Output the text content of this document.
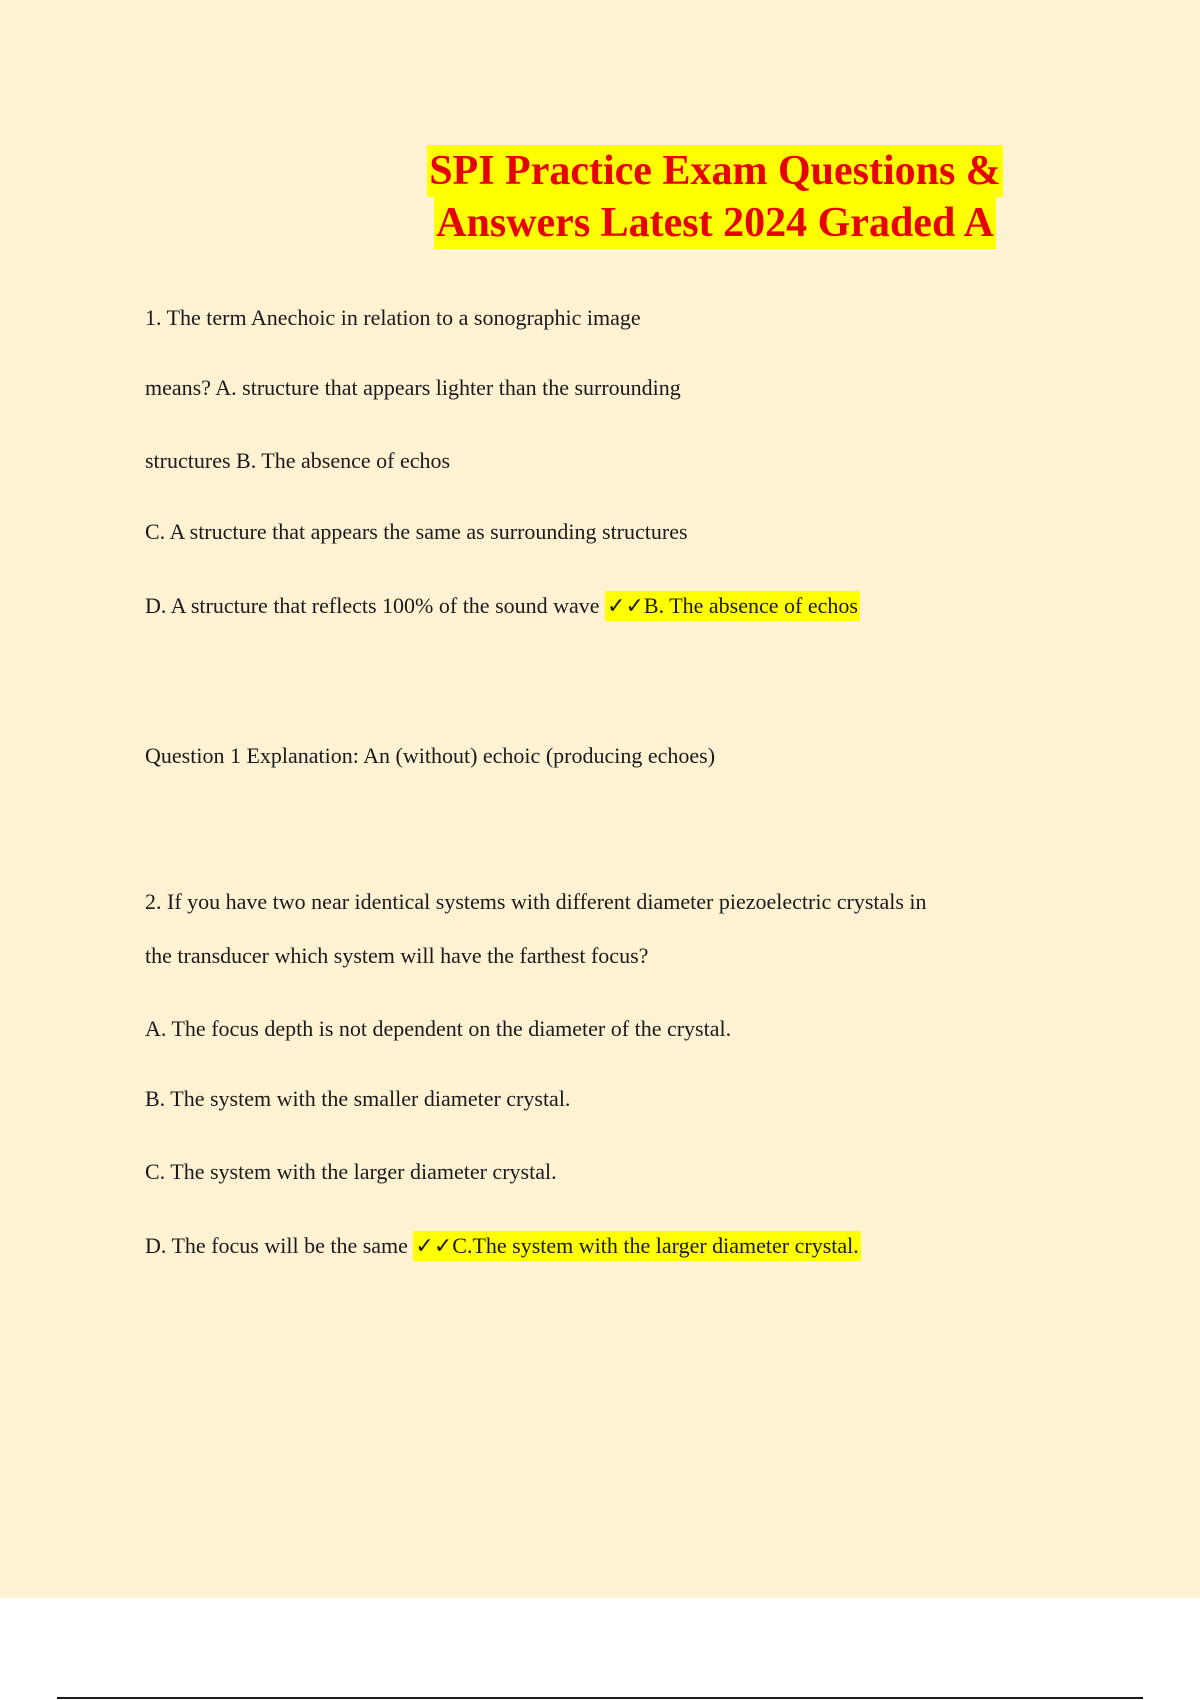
SPI Practice Exam Questions &
Answers Latest 2024 Graded A
1. The term Anechoic in relation to a sonographic image
means? A. structure that appears lighter than the surrounding
structures B. The absence of echos
C. A structure that appears the same as surrounding structures
D. A structure that reflects 100% of the sound wave ✓✓B. The absence of echos
Question 1 Explanation: An (without) echoic (producing echoes)
2. If you have two near identical systems with different diameter piezoelectric crystals in
the transducer which system will have the farthest focus?
A. The focus depth is not dependent on the diameter of the crystal.
B. The system with the smaller diameter crystal.
C. The system with the larger diameter crystal.
D. The focus will be the same ✓✓C.The system with the larger diameter crystal.
